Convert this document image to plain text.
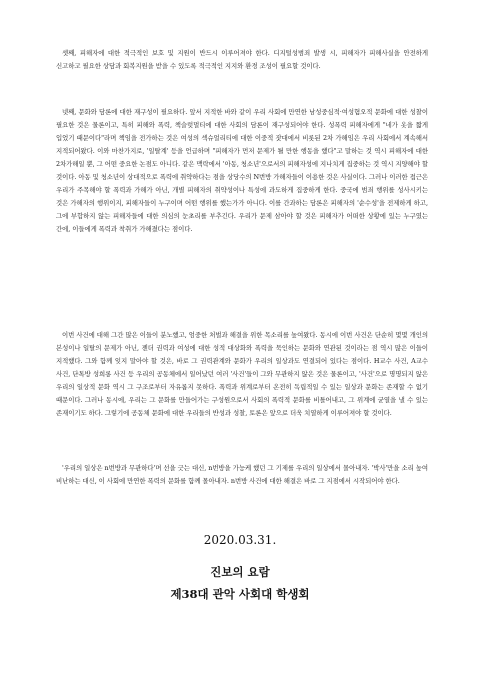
셋째, 피해자에 대한 적극적인 보호 및 지원이 반드시 이루어져야 한다. 디지털성범죄 발생 시, 피해자가 피해사실을 안전하게 신고하고 필요한 상담과 회복지원을 받을 수 있도록 적극적인 지지와 환경 조성이 필요할 것이다.

넷째, 문화와 담론에 대한 재구성이 필요하다. 앞서 지적한 바와 같이 우리 사회에 만연한 남성중심적·여성혐오적 문화에 대한 성찰이 필요한 것은 물론이고, 특히 피해와 폭력, 책슬럿멀티에 대한 사회의 담론이 재구성되어야 한다. 성폭력 피해자에게 "네가 옷을 짧게 입었기 때문이다"라며 책임을 전가하는 것은 여성의 섹슈얼리티에 대한 이중적 잣대에서 비롯된 2차 가해임은 우리 사회에서 계속해서 지적되어왔다. 이와 마찬가지로, '일탈계' 등을 언급하며 "피해자가 먼저 문제가 될 만한 행동을 했다"고 말하는 것 역시 피해자에 대한 2차가해일 뿐, 그 어떤 중요한 논점도 아니다. 같은 맥락에서 '아동, 청소년'으로서의 피해자성에 지나치게 집중하는 것 역시 지양해야 할 것이다. 아동 및 청소년이 상대적으로 폭력에 취약하다는 점을 상당수의 N번방 가해자들이 이용한 것은 사실이다. 그러나 이러한 접근은 우리가 주목해야 할 폭력과 가해가 아닌, 개별 피해자의 취약성이나 특성에 과도하게 집중하게 한다. 중국에 범죄 행위를 성사시키는 것은 가해자의 행위이지, 피해자들이 누구이며 어떤 행위를 했는가가 아니다. 이를 간과하는 담론은 피해자의 '순수성'을 전제하게 하고, 그에 부합하지 않는 피해자들에 대한 의심의 눈초리를 부추긴다. 우리가 문제 삼아야 할 것은 피해자가 어떠한 상황에 있는 누구였는 간에, 이들에게 폭력과 착취가 가해졌다는 점이다.

이번 사건에 대해 그간 많은 이들이 분노했고, 엄중한 처벌과 해결을 위한 목소리를 높여왔다. 동시에 이번 사건은 단순히 몇몇 개인의 본성이나 일탈의 문제가 아닌, 젠더 권력과 여성에 대한 성적 대상화와 폭력을 묵인하는 문화와 연관된 것이라는 점 역시 많은 이들이 지적했다. 그와 함께 잊지 말아야 할 것은, 바로 그 권력관계와 문화가 우리의 일상과도 연결되어 있다는 점이다. H교수 사건, A교수 사건, 단톡방 성희롱 사건 등 우리의 공동체에서 일어났던 여러 '사건'들이 그와 무관하지 않은 것은 물론이고, '사건'으로 명명되지 않은 우리의 일상적 문화 역시 그 구조로부터 자유롭지 못하다. 폭력과 위계로부터 온전히 독립적일 수 있는 일상과 문화는 존재할 수 없기 때문이다. 그러나 동시에, 우리는 그 문화를 만들어가는 구성원으로서 사회의 폭력적 문화를 비틀어내고, 그 위계에 균열을 낼 수 있는 존재이기도 하다. 그렇기에 공동체 문화에 대한 우리들의 반성과 성찰, 토론은 앞으로 더욱 치열하게 이루어져야 할 것이다.

'우리의 일상은 n번방과 무관하다'며 선을 긋는 대신, n번방을 가능케 했던 그 기제를 우리의 일상에서 몰아내자. '박사'만을 소리 높여 비난하는 대신, 이 사회에 만연한 폭력의 문화를 함께 몰아내자. n번방 사건에 대한 해결은 바로 그 지점에서 시작되어야 한다.

2020.03.31.
진보의 요람
제38대 관악 사회대 학생회
